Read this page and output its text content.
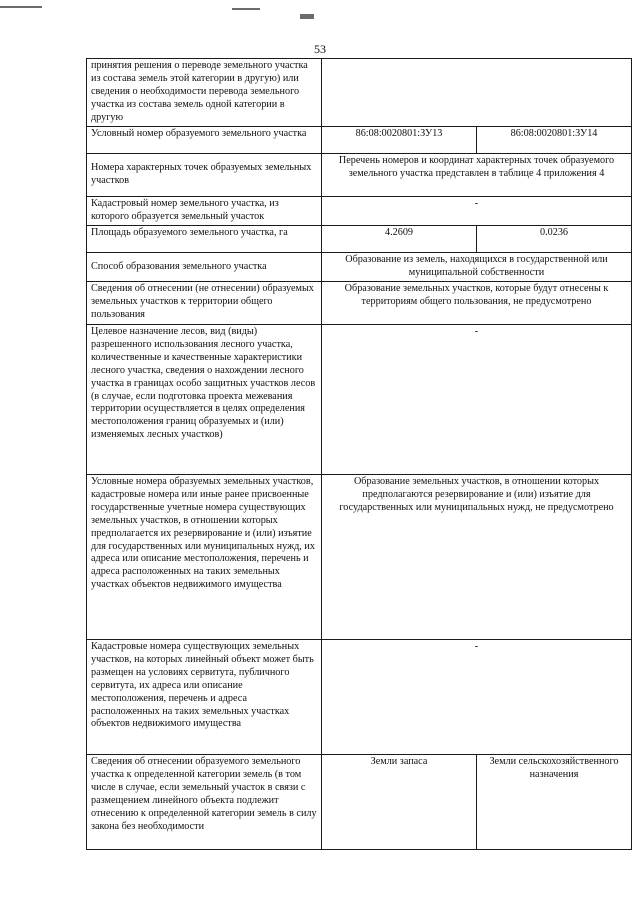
53
принятия решения о переводе земельного участка из состава земель этой категории в другую) или сведения о необходимости перевода земельного участка из состава земель одной категории в другую		
Условный номер образуемого земельного участка	86:08:0020801:ЗУ13	86:08:0020801:ЗУ14
Номера характерных точек образуемых земельных участков	Перечень номеров и координат характерных точек образуемого земельного участка представлен в таблице 4 приложения 4	
Кадастровый номер земельного участка, из которого образуется земельный участок	-	
Площадь образуемого земельного участка, га	4.2609	0.0236
Способ образования земельного участка	Образование из земель, находящихся в государственной или муниципальной собственности	
Сведения об отнесении (не отнесении) образуемых земельных участков к территории общего пользования	Образование земельных участков, которые будут отнесены к территориям общего пользования, не предусмотрено	
Целевое назначение лесов, вид (виды) разрешенного использования лесного участка, количественные и качественные характеристики лесного участка, сведения о нахождении лесного участка в границах особо защитных участков лесов (в случае, если подготовка проекта межевания территории осуществляется в целях определения местоположения границ образуемых и (или) изменяемых лесных участков)	-	
Условные номера образуемых земельных участков, кадастровые номера или иные ранее присвоенные государственные учетные номера существующих земельных участков, в отношении которых предполагается их резервирование и (или) изъятие для государственных или муниципальных нужд, их адреса или описание местоположения, перечень и адреса расположенных на таких земельных участках объектов недвижимого имущества	Образование земельных участков, в отношении которых предполагаются резервирование и (или) изъятие для государственных или муниципальных нужд, не предусмотрено	
Кадастровые номера существующих земельных участков, на которых линейный объект может быть размещен на условиях сервитута, публичного сервитута, их адреса или описание местоположения, перечень и адреса расположенных на таких земельных участках объектов недвижимого имущества	-	
Сведения об отнесении образуемого земельного участка к определенной категории земель (в том числе в случае, если земельный участок в связи с размещением линейного объекта подлежит отнесению к определенной категории земель в силу закона без необходимости	Земли запаса	Земли сельскохозяйственного назначения
